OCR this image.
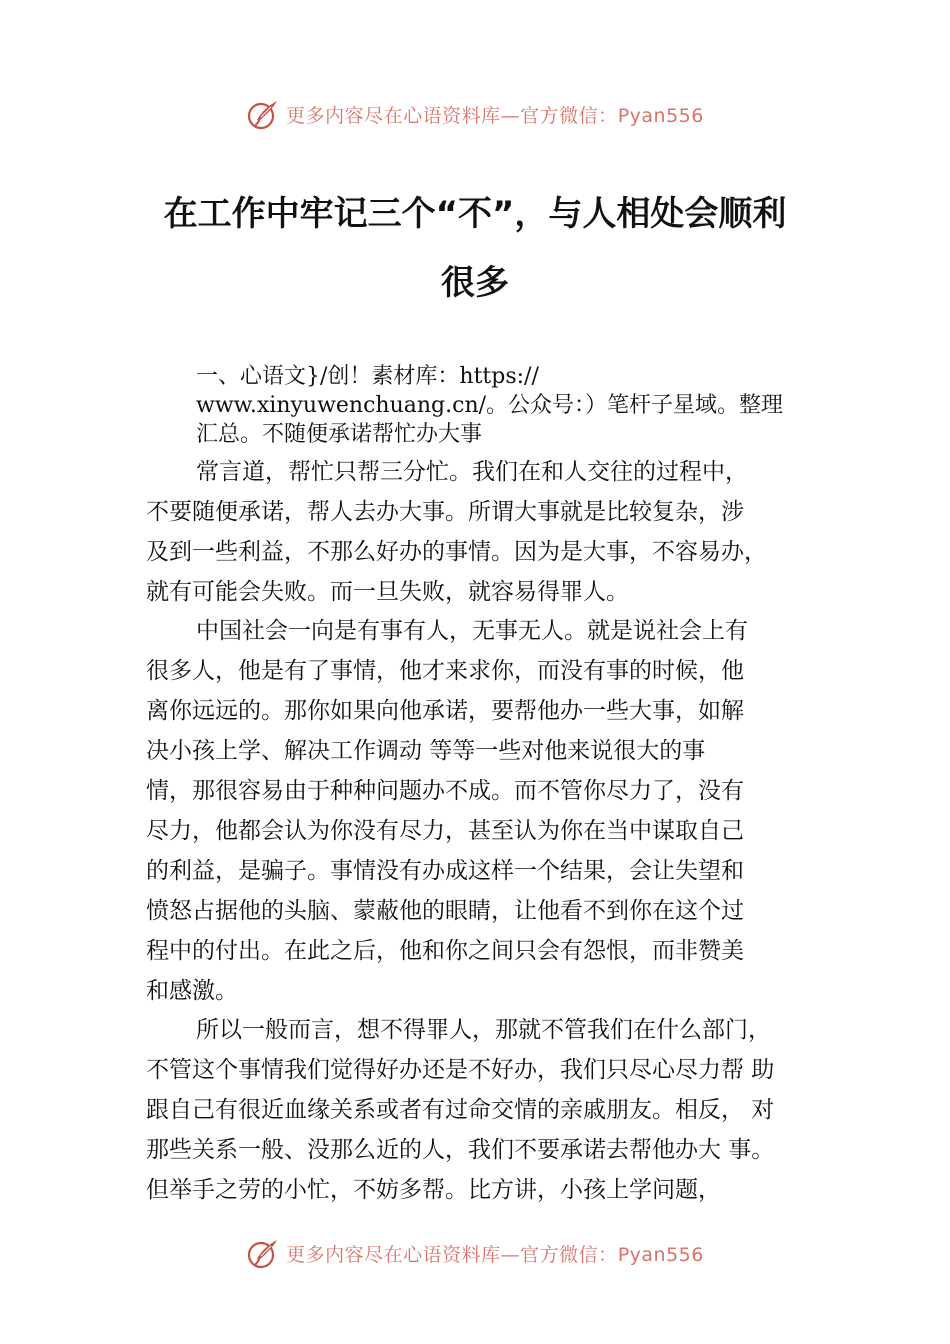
更多内容尽在心语资料库—官方微信：Pyan556
在工作中牢记三个“不”，与人相处会顺利
很多
一、心语文}/创！素材库：https://
www.xinyuwenchuang.cn/。公众号：）笔杆子星域。整理
汇总。不随便承诺帮忙办大事
常言道，帮忙只帮三分忙。我们在和人交往的过程中，
不要随便承诺，帮人去办大事。所谓大事就是比较复杂，涉
及到一些利益，不那么好办的事情。因为是大事，不容易办，
就有可能会失败。而一旦失败，就容易得罪人。
中国社会一向是有事有人，无事无人。就是说社会上有
很多人，他是有了事情，他才来求你，而没有事的时候，他
离你远远的。那你如果向他承诺，要帮他办一些大事，如解
决小孩上学、解决工作调动 等等一些对他来说很大的事
情，那很容易由于种种问题办不成。而不管你尽力了，没有
尽力，他都会认为你没有尽力，甚至认为你在当中谋取自己
的利益，是骗子。事情没有办成这样一个结果，会让失望和
愤怒占据他的头脑、蒙蔽他的眼睛，让他看不到你在这个过
程中的付出。在此之后，他和你之间只会有怨恨，而非赞美
和感激。
所以一般而言，想不得罪人，那就不管我们在什么部门，
不管这个事情我们觉得好办还是不好办，我们只尽心尽力帮 助
跟自己有很近血缘关系或者有过命交情的亲戚朋友。相反， 对
那些关系一般、没那么近的人，我们不要承诺去帮他办大 事。
但举手之劳的小忙，不妨多帮。比方讲，小孩上学问题，
更多内容尽在心语资料库—官方微信：Pyan556
